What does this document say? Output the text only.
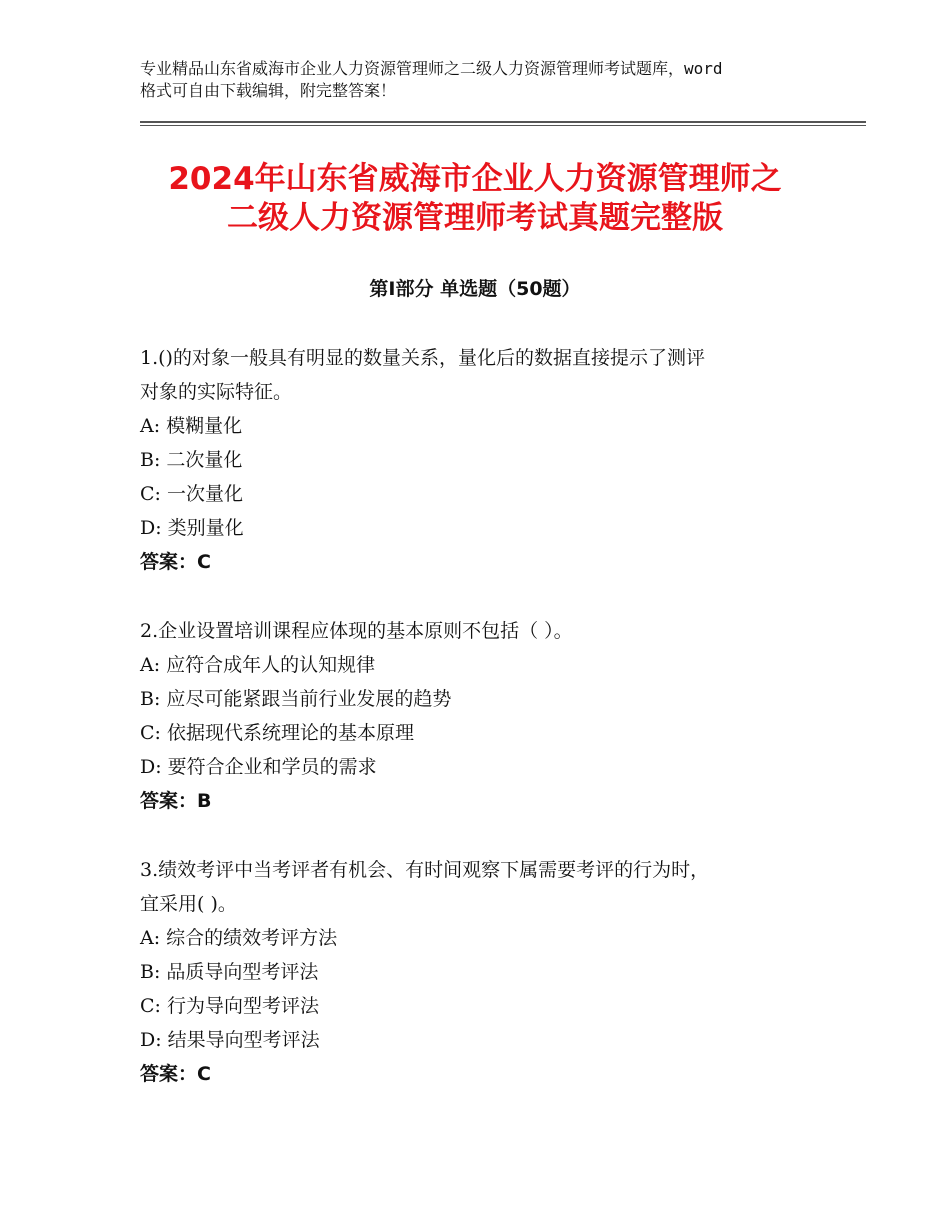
专业精品山东省威海市企业人力资源管理师之二级人力资源管理师考试题库，word
格式可自由下载编辑，附完整答案！
2024年山东省威海市企业人力资源管理师之
二级人力资源管理师考试真题完整版
第Ⅰ部分 单选题（50题）
1.()的对象一般具有明显的数量关系，量化后的数据直接提示了测评
对象的实际特征。
A: 模糊量化
B: 二次量化
C: 一次量化
D: 类别量化
答案：C
2.企业设置培训课程应体现的基本原则不包括（ ）。
A: 应符合成年人的认知规律
B: 应尽可能紧跟当前行业发展的趋势
C: 依据现代系统理论的基本原理
D: 要符合企业和学员的需求
答案：B
3.绩效考评中当考评者有机会、有时间观察下属需要考评的行为时，
宜采用( )。
A: 综合的绩效考评方法
B: 品质导向型考评法
C: 行为导向型考评法
D: 结果导向型考评法
答案：C
